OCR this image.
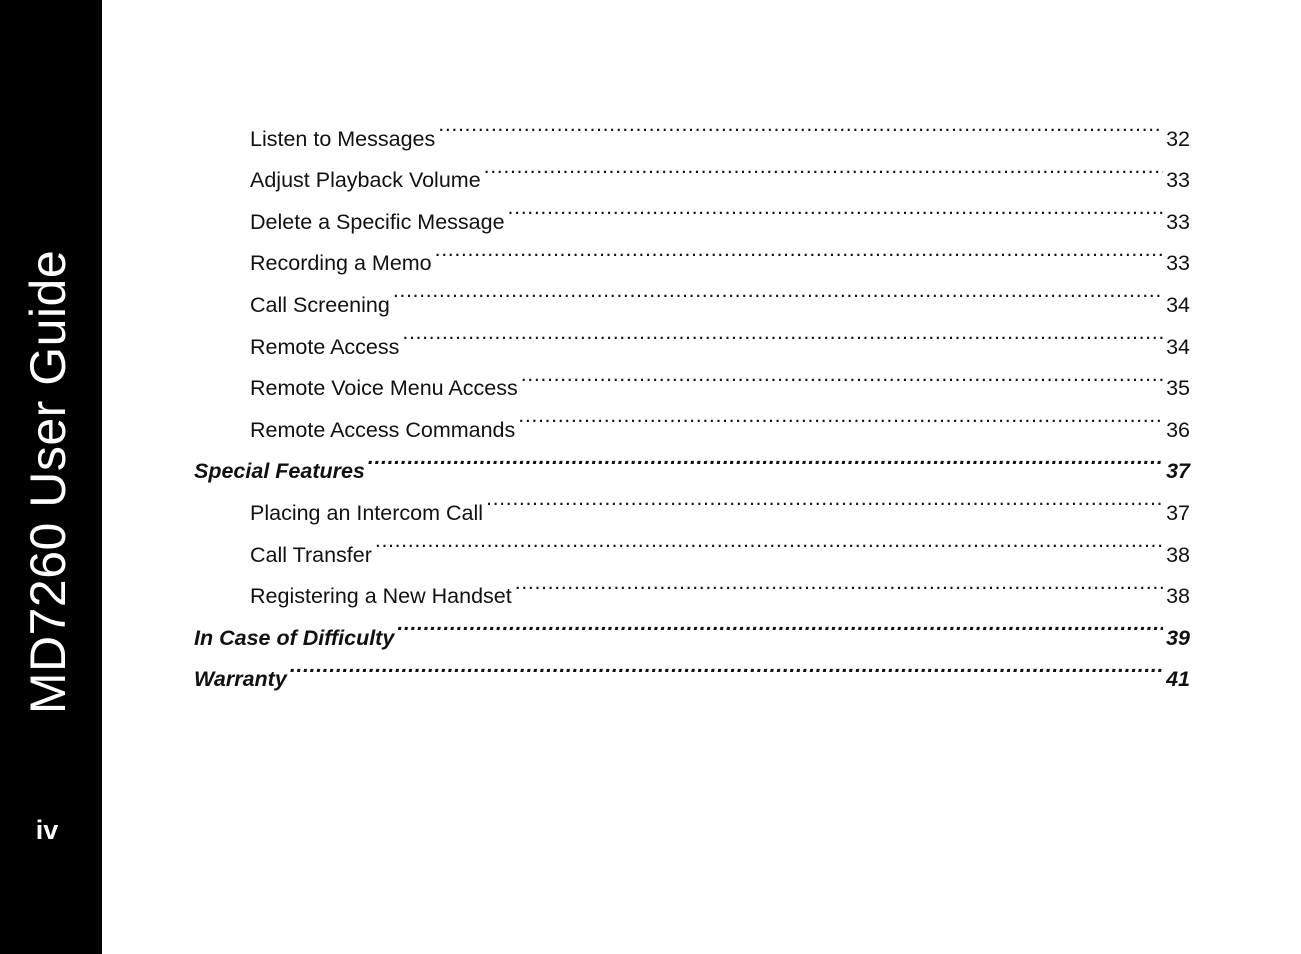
MD7260 User Guide
iv
Listen to Messages .....	32
Adjust Playback Volume .....	33
Delete a Specific Message .....	33
Recording a Memo .....	33
Call Screening .....	34
Remote Access .....	34
Remote Voice Menu Access .....	35
Remote Access Commands .....	36
Special Features .....	37
Placing an Intercom Call .....	37
Call Transfer .....	38
Registering a New Handset .....	38
In Case of Difficulty .....	39
Warranty .....	41
